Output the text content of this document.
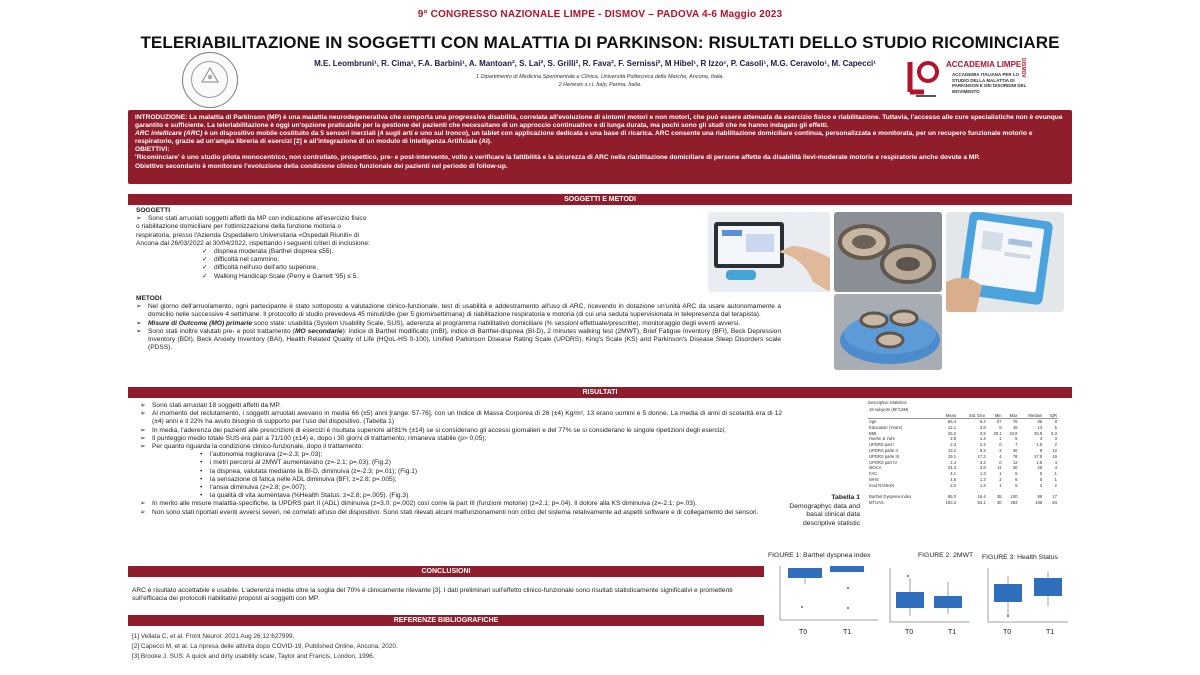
9° CONGRESSO NAZIONALE LIMPE - DISMOV – PADOVA 4-6 Maggio 2023
TELERIABILITAZIONE IN SOGGETTI CON MALATTIA DI PARKINSON: RISULTATI DELLO STUDIO RICOMINCIARE
M.E. Leombruni¹, R. Cima¹, F.A. Barbini¹, A. Mantoan², S. Lai², S. Grilli², R. Fava², F. Sernissi², M Hibel¹, R Izzo¹, P. Casoli¹, M.G. Ceravolo¹, M. Capecci¹
1 Dipartimento di Medicina Sperimentale e Clinica, Università Politecnica delle Marche, Ancona, Italia.
2 Henesis s.r.l. Italy, Parma, Italia.
ACCADEMIA LIMPE
ACCADEMIA ITALIANA PER LO STUDIO DELLA MALATTIA DI PARKINSON E DEI DISORDINI DEL MOVIMENTO
DISMOV
INTRODUZIONE: La malattia di Parkinson (MP) è una malattia neurodegenerativa che comporta una progressiva disabilità, correlata all'evoluzione di sintomi motori e non motori, che può essere attenuata da esercizio fisico e riabilitazione. Tuttavia, l'accesso alle cure specialistiche non è ovunque garantito e sufficiente. La teleriabilitazione è oggi un'opzione praticabile per la gestione dei pazienti che necessitano di un approccio continuativo e di lunga durata, ma pochi sono gli studi che ne hanno indagato gli effetti.
ARC intellicare (ARC) è un dispositivo mobile costituito da 5 sensori inerziali (4 sugli arti e uno sul tronco), un tablet con applicazione dedicata e una base di ricarica. ARC consente una riabilitazione domiciliare continua, personalizzata e monitorata, per un recupero funzionale motorio e respiratorio, grazie ad un'ampia libreria di esercizi [2] e all'integrazione di un modulo di Intelligenza Artificiale (AI).
OBIETTIVI:
'Ricominciare' è uno studio pilota monocentrico, non controllato, prospettico, pre- e post-intervento, volto a verificare la fattibilità e la sicurezza di ARC nella riabilitazione domiciliare di persone affette da disabilità lievi-moderate motorie e respiratorie anche dovute a MP.
Obiettivo secondario è monitorare l'evoluzione della condizione clinico funzionale dei pazienti nel periodo di follow-up.
SOGGETTI E METODI
SOGGETTI
➢ Sono stati arruolati soggetti affetti da MP con indicazione all'esercizio fisico
o riabilitazione domiciliare per l'ottimizzazione della funzione motoria o
respiratoria, presso l'Azienda Ospedaliero Universitaria «Ospedali Riuniti» di
Ancona dal 26/03/2022 al 30/04/2022, rispettando i seguenti criteri di inclusione:
✓ dispnea moderata (Barthel dispnea ≤55).
✓ difficoltà nel cammino,
✓ difficoltà nell'uso dell'arto superiore,
✓ Walking Handicap Scale (Perry e Garrett '95) ≤ 5.
METODI
➢ Nel giorno dell'arruolamento, ogni partecipante è stato sottoposto a valutazione clinico-funzionale, test di usabilità e addestramento all'uso di ARC, ricevendo in dotazione un'unità ARC da usare autonomamente a domicilio nelle successive 4 settimane. Il protocollo di studio prevedeva 45 minuti/die (per 5 giorni/settimana) di riabilitazione respiratoria e motoria (di cui una seduta supervisionata in telepresenza dal terapista).
➢ Misure di Outcome (MO) primarie sono state: usabilità (System Usability Scale, SUS), aderenza al programma riabilitativo domiciliare (% sessioni effettuate/prescritte), monitoraggio degli eventi avversi.
➢ Sono stati inoltre valutati pre- e post trattamento (MO secondarie): indice di Barthel modificato (mBI), indice di Barthel-dispnea (BI-D), 2 minutes walking test (2MWT), Brief Fatigue Inventory (BFI), Beck Depression Inventory (BDI), Beck Anxiety Inventory (BAI), Health Related Quality of Life (HQoL-HS 0-100), Unified Parkinson Disease Rating Scale (UPDRS), King's Scale (KS) and Parkinson's Disease Sleep Disorders scale (PDSS).
RISULTATI
➢ Sono stati arruolati 18 soggetti affetti da MP.
➢ Al momento del reclutamento, i soggetti arruolati avevano in media 66 (±5) anni [range: 57-76], con un Indice di Massa Corporea di 26 (±4) Kg/m², 13 erano uomini e 5 donne. La media di anni di scolarità era di 12 (±4) anni e il 22% ha avuto bisogno di supporto per l'uso del dispositivo. (Tabella 1)
➢ In media, l'aderenza dei pazienti alle prescrizioni di esercizi è risultata superiore all'81% (±14) se si considerano gli accessi giornalieri e del 77% se si considerano le singole ripetizioni degli esercizi;
➢ Il punteggio medio totale SUS era pari a 71/100 (±14) e, dopo i 30 giorni di trattamento, rimaneva stabile (p> 0,05);
➢ Per quanto riguarda la condizione clinico-funzionale, dopo il trattamento:
• l'autonomia migliorava (z=-2.3; p=.03);
• i metri percorsi al 2MWT aumentavano (z=-2.1; p=.03); (Fig.2)
• la dispnea, valutata mediante la BI-D, diminuiva (z=-2.3; p=.01); (Fig.1)
• la sensazione di fatica nelle ADL diminuiva (BFI; z=2.8; p=.005);
• l'ansia diminuiva (z=2.8; p=.007);
• la qualità di vita aumentava (%Health Status: z=2.8; p=.005). (Fig.3)
➢ In merito alle misure malattia-specifiche, la UPDRS part II (ADL) diminuiva (z=3.0; p=.002) così come la part III (funzioni motorie) (z=2.1; p=.04). Il dolore alla KS diminuiva (z=-2.1; p=.03).
➢ Non sono stati riportati eventi avversi severi, né correlati all'uso del dispositivo. Sono stati rilevati alcuni malfunzionamenti non critici del sistema relativamente ad aspetti software e di collegamento dei sensori.
Descriptive Statistics
18 subjects (5F/13M)						
	Mean	Std. Dev.	Min	Max	Median	IQR
Age	66.4	5.4	57	76	66	8
Education (Years)	12.1	3.8	8	18	13	5
BMI	26.2	3.9	20.1	34.9	26.9	5.3
Hoehn & Yahr	2.8	1.4	1	5	3	3
UPDRS part I	2.3	2.2	0	7	1.5	2
UPDRS parte II	13.2	9.3	2	40	9	10
UPDRS parte III	19.1	17.3	4	76	17.5	16
UPDRS part IV	2.4	3.2	0	12	1.5	4
MOCA	24.3	3.8	11	30	25	4
FAC	4.1	1.3	1	5	5	1
WHS	4.6	1.3	2	6	5	1
mod RANKIN	2.2	1.3	1	5	2	2

Barthel Dyspnea Index	85.0	16.4	38	100	89	17
MTUAS	193.4	64.1	30	283	195	84
Tabella 1
Demographyc data and basal clinical data descriptive statistic
FIGURE 1: Barthel dyspnea index	FIGURE 2: 2MWT FIGURE 3: Health Status
T0	T1	T0	T1	T0	T1
CONCLUSIONI
ARC è risultato accettabile e usabile. L'aderenza media oltre la soglia del 70% è clinicamente rilevante [3]. I dati preliminari sull'effetto clinico-funzionale sono risultati statisticamente significativi e promettenti sull'efficacia dei protocolli riabilitativi proposti ai soggetti con MP.
REFERENZE BIBLIOGRAFICHE
[1] Vellata C, et al. Front Neurol. 2021 Aug 26;12:627999.
[2] Capecci M, et al. La ripresa delle attività dopo COVID-19, Published Online, Ancona, 2020.
[3] Brooke J. SUS: A quick and dirty usability scale, Taylor and Francis, London, 1996.
